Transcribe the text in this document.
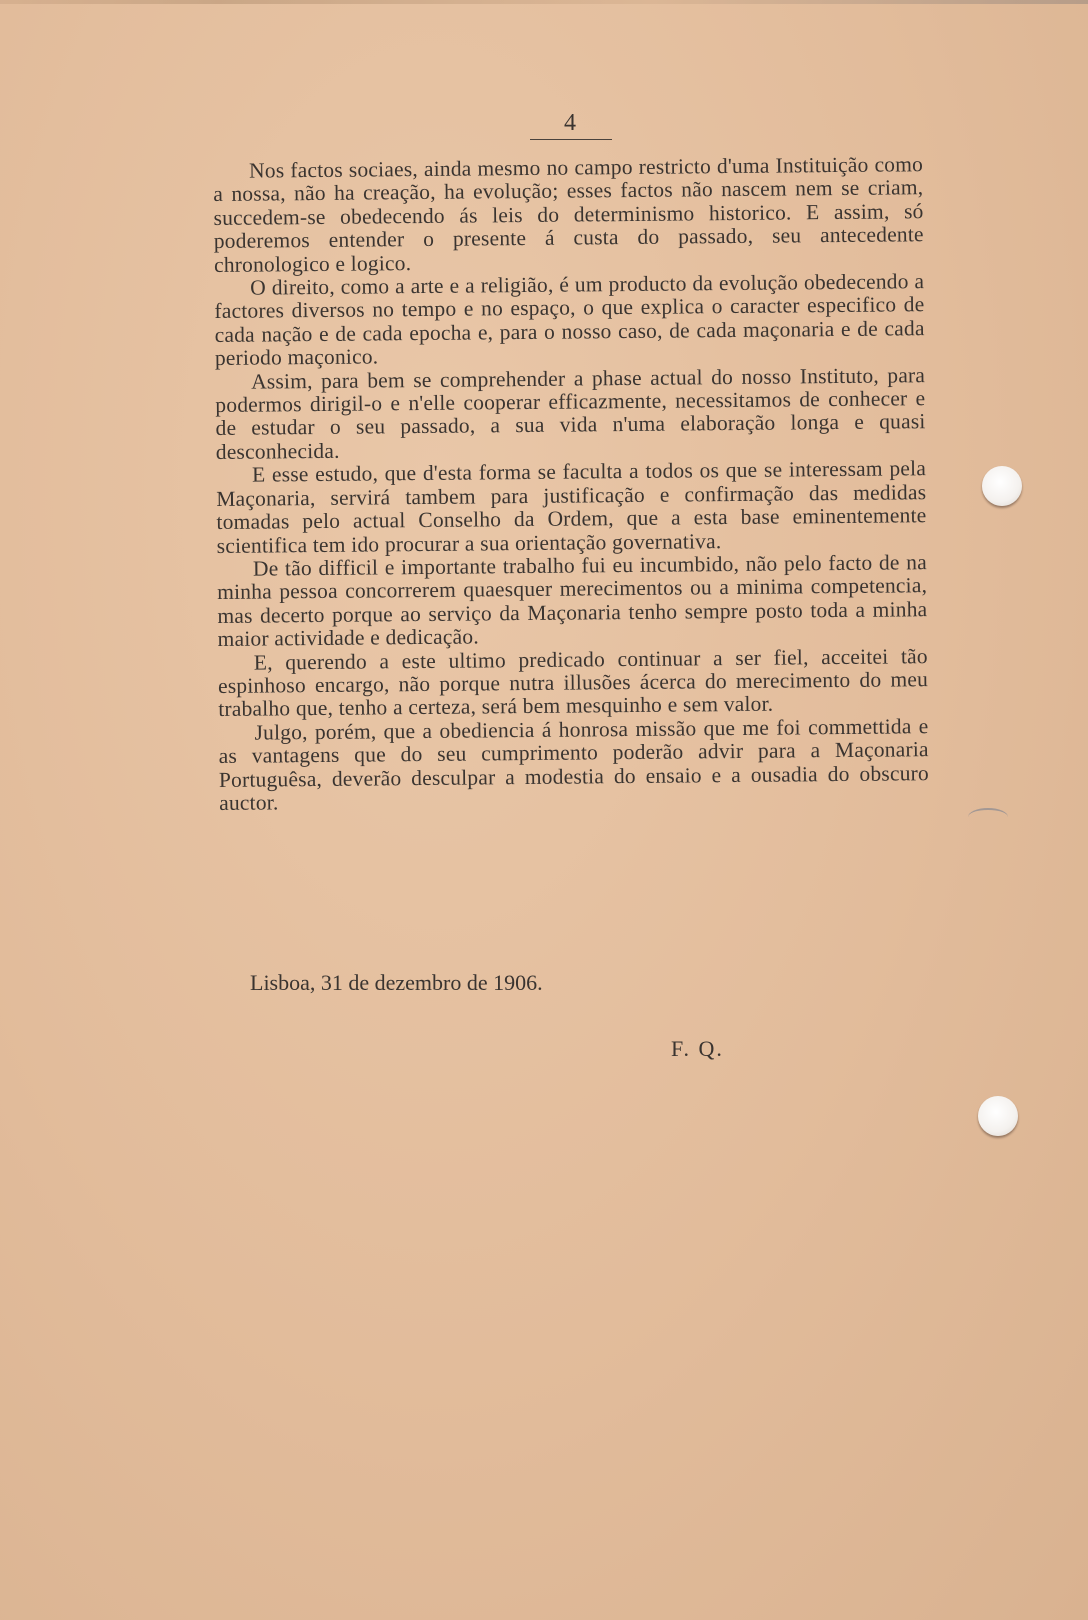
4

Nos factos sociaes, ainda mesmo no campo restricto d'uma Instituição como a nossa, não ha creação, ha evolução; esses factos não nascem nem se criam, succedem-se obedecendo ás leis do determinismo historico. E assim, só poderemos entender o presente á custa do passado, seu antecedente chronologico e logico.

O direito, como a arte e a religião, é um producto da evolução obedecendo a factores diversos no tempo e no espaço, o que explica o caracter especifico de cada nação e de cada epocha e, para o nosso caso, de cada maçonaria e de cada periodo maçonico.

Assim, para bem se comprehender a phase actual do nosso Instituto, para podermos dirigil-o e n'elle cooperar efficazmente, necessitamos de conhecer e de estudar o seu passado, a sua vida n'uma elaboração longa e quasi desconhecida.

E esse estudo, que d'esta forma se faculta a todos os que se interessam pela Maçonaria, servirá tambem para justificação e confirmação das medidas tomadas pelo actual Conselho da Ordem, que a esta base eminentemente scientifica tem ido procurar a sua orientação governativa.

De tão difficil e importante trabalho fui eu incumbido, não pelo facto de na minha pessoa concorrerem quaesquer merecimentos ou a minima competencia, mas decerto porque ao serviço da Maçonaria tenho sempre posto toda a minha maior actividade e dedicação.

E, querendo a este ultimo predicado continuar a ser fiel, acceitei tão espinhoso encargo, não porque nutra illusões ácerca do merecimento do meu trabalho que, tenho a certeza, será bem mesquinho e sem valor.

Julgo, porém, que a obediencia á honrosa missão que me foi commettida e as vantagens que do seu cumprimento poderão advir para a Maçonaria Portuguêsa, deverão desculpar a modestia do ensaio e a ousadia do obscuro auctor.

Lisboa, 31 de dezembro de 1906.
F. Q.
